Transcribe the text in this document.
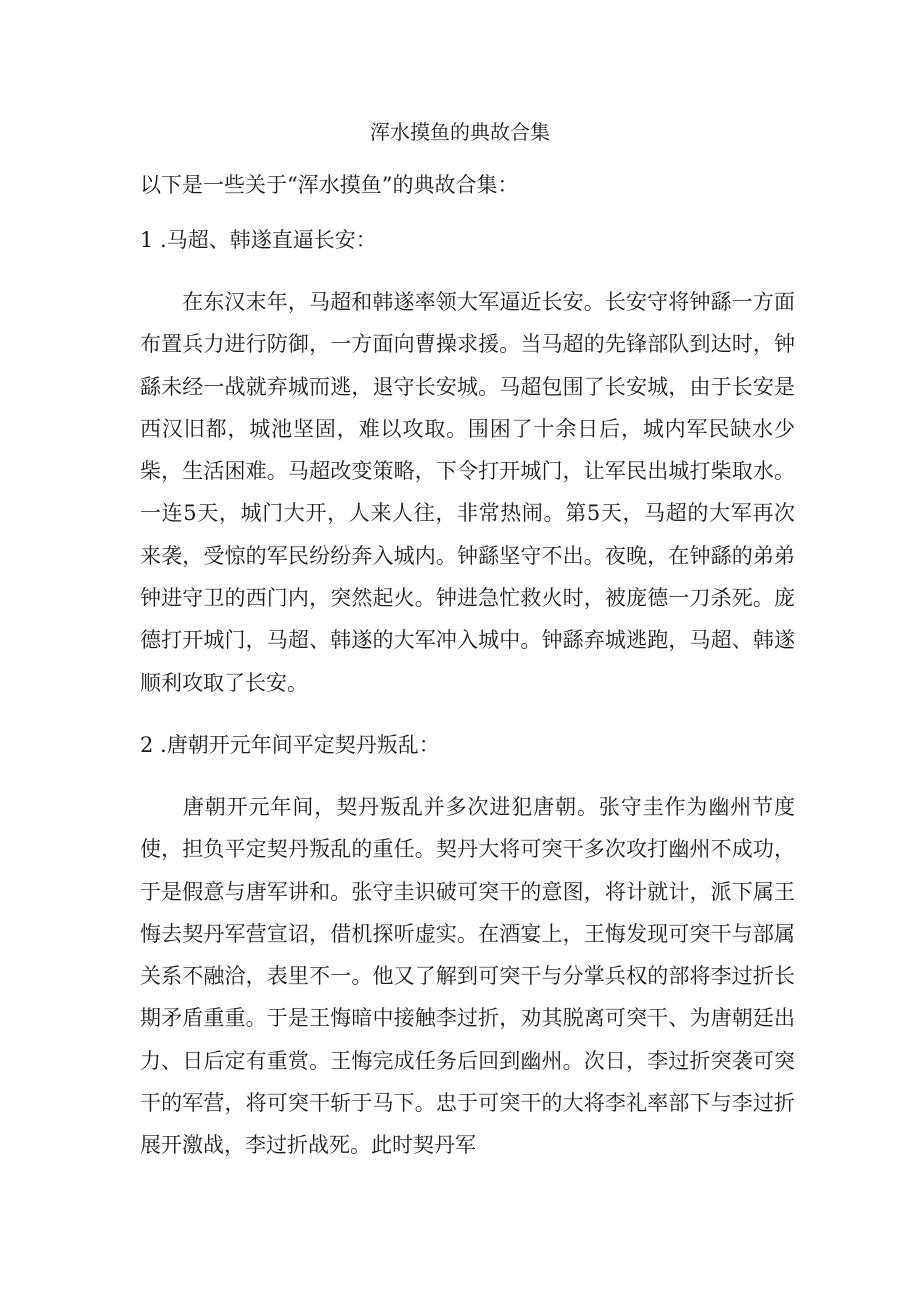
浑水摸鱼的典故合集
以下是一些关于“浑水摸鱼”的典故合集：
1 .马超、韩遂直逼长安：
在东汉末年，马超和韩遂率领大军逼近长安。长安守将钟繇一方面布置兵力进行防御，一方面向曹操求援。当马超的先锋部队到达时，钟繇未经一战就弃城而逃，退守长安城。马超包围了长安城，由于长安是西汉旧都，城池坚固，难以攻取。围困了十余日后，城内军民缺水少柴，生活困难。马超改变策略，下令打开城门，让军民出城打柴取水。一连5天，城门大开，人来人往，非常热闹。第5天，马超的大军再次来袭，受惊的军民纷纷奔入城内。钟繇坚守不出。夜晚，在钟繇的弟弟钟进守卫的西门内，突然起火。钟进急忙救火时，被庞德一刀杀死。庞德打开城门，马超、韩遂的大军冲入城中。钟繇弃城逃跑，马超、韩遂顺利攻取了长安。
2 .唐朝开元年间平定契丹叛乱：
唐朝开元年间，契丹叛乱并多次进犯唐朝。张守圭作为幽州节度使，担负平定契丹叛乱的重任。契丹大将可突干多次攻打幽州不成功，于是假意与唐军讲和。张守圭识破可突干的意图，将计就计，派下属王悔去契丹军营宣诏，借机探听虚实。在酒宴上，王悔发现可突干与部属关系不融洽，表里不一。他又了解到可突干与分掌兵权的部将李过折长期矛盾重重。于是王悔暗中接触李过折，劝其脱离可突干、为唐朝廷出力、日后定有重赏。王悔完成任务后回到幽州。次日，李过折突袭可突干的军营，将可突干斩于马下。忠于可突干的大将李礼率部下与李过折展开激战，李过折战死。此时契丹军
